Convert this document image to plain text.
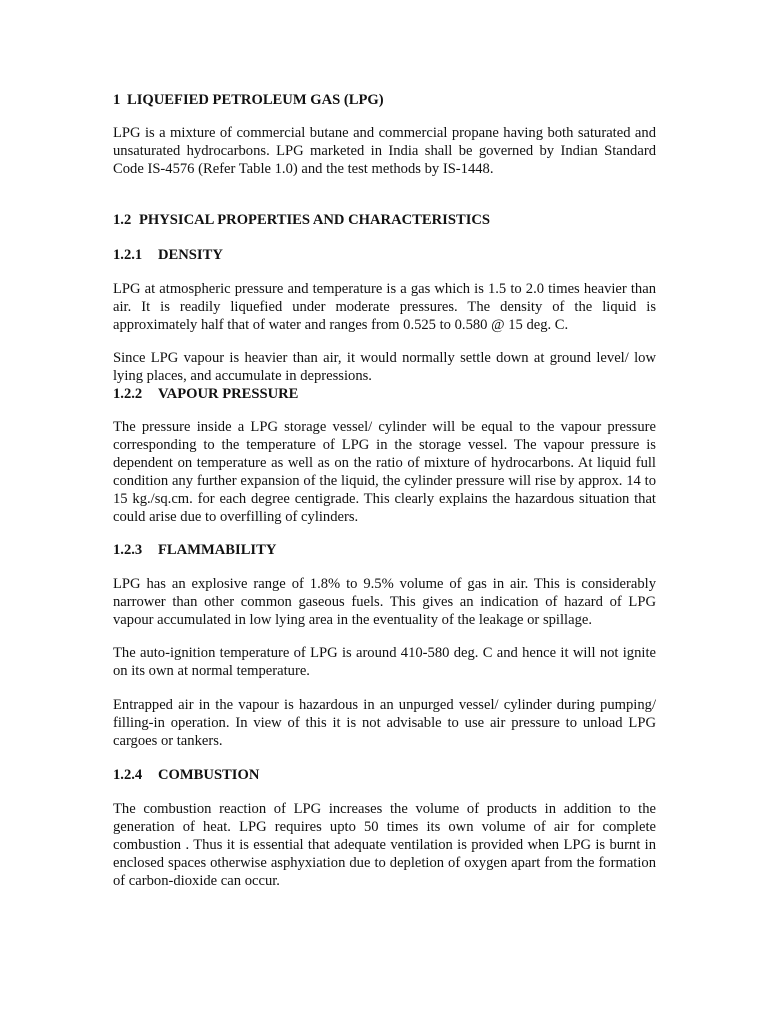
1 LIQUEFIED PETROLEUM GAS (LPG)

LPG is a mixture of commercial butane and commercial propane having both saturated and unsaturated hydrocarbons. LPG marketed in India shall be governed by Indian Standard Code IS-4576 (Refer Table 1.0) and the test methods by IS-1448.

1.2 PHYSICAL PROPERTIES AND CHARACTERISTICS
1.2.1 DENSITY

LPG at atmospheric pressure and temperature is a gas which is 1.5 to 2.0 times heavier than air. It is readily liquefied under moderate pressures. The density of the liquid is approximately half that of water and ranges from 0.525 to 0.580 @ 15 deg. C.

Since LPG vapour is heavier than air, it would normally settle down at ground level/ low lying places, and accumulate in depressions.

1.2.2 VAPOUR PRESSURE

The pressure inside a LPG storage vessel/ cylinder will be equal to the vapour pressure corresponding to the temperature of LPG in the storage vessel. The vapour pressure is dependent on temperature as well as on the ratio of mixture of hydrocarbons. At liquid full condition any further expansion of the liquid, the cylinder pressure will rise by approx. 14 to 15 kg./sq.cm. for each degree centigrade. This clearly explains the hazardous situation that could arise due to overfilling of cylinders.

1.2.3 FLAMMABILITY

LPG has an explosive range of 1.8% to 9.5% volume of gas in air. This is considerably narrower than other common gaseous fuels. This gives an indication of hazard of LPG vapour accumulated in low lying area in the eventuality of the leakage or spillage.

The auto-ignition temperature of LPG is around 410-580 deg. C and hence it will not ignite on its own at normal temperature.

Entrapped air in the vapour is hazardous in an unpurged vessel/ cylinder during pumping/ filling-in operation. In view of this it is not advisable to use air pressure to unload LPG cargoes or tankers.

1.2.4 COMBUSTION

The combustion reaction of LPG increases the volume of products in addition to the generation of heat. LPG requires upto 50 times its own volume of air for complete combustion . Thus it is essential that adequate ventilation is provided when LPG is burnt in enclosed spaces otherwise asphyxiation due to depletion of oxygen apart from the formation of carbon-dioxide can occur.
